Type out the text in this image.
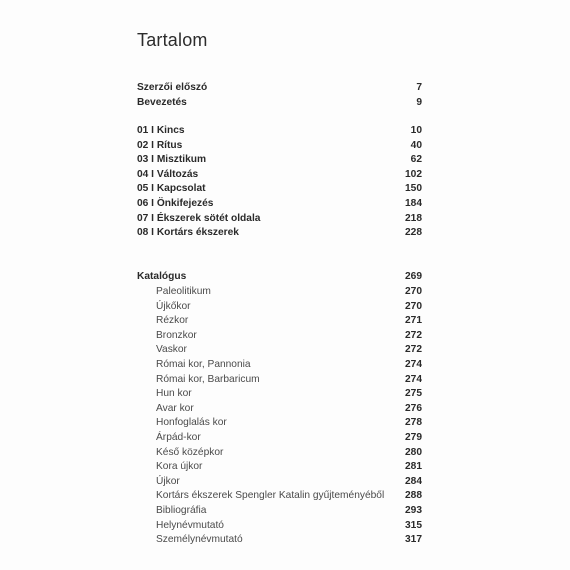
Tartalom
Szerzői előszó	7
Bevezetés	9
01 I Kincs	10
02 I Rítus	40
03 I Misztikum	62
04 I Változás	102
05 I Kapcsolat	150
06 I Önkifejezés	184
07 I Ékszerek sötét oldala	218
08 I Kortárs ékszerek	228
Katalógus	269
Paleolitikum	270
Újkőkor	270
Rézkor	271
Bronzkor	272
Vaskor	272
Római kor, Pannonia	274
Római kor, Barbaricum	274
Hun kor	275
Avar kor	276
Honfoglalás kor	278
Árpád-kor	279
Késő középkor	280
Kora újkor	281
Újkor	284
Kortárs ékszerek Spengler Katalin gyűjteményéből 288
Bibliográfia	293
Helynévmutató	315
Személynévmutató	317
